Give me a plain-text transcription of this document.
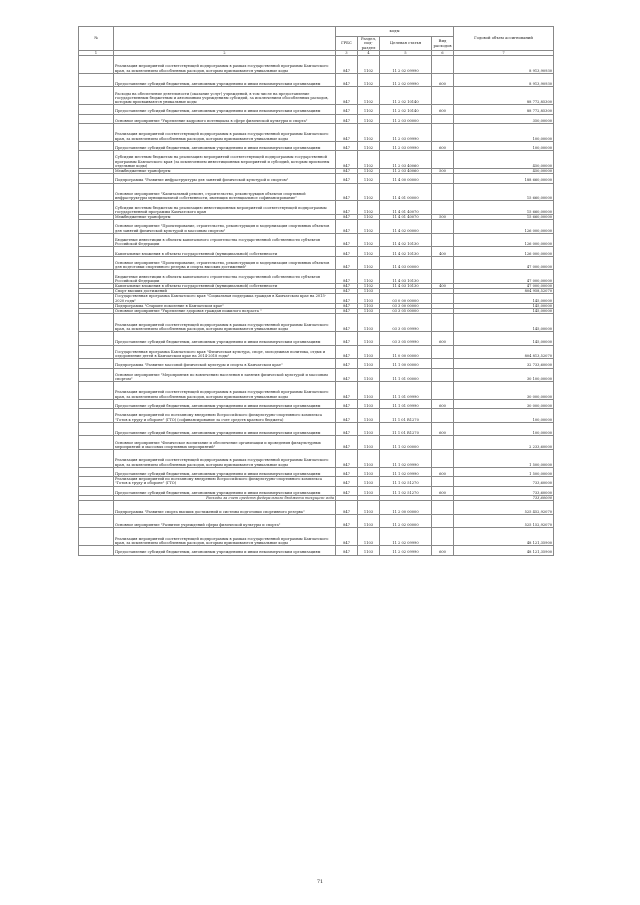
№		коды				Годовой объем ассигнований
		ГРБС	Раздел, под-раздел	Целевая статья	Вид расходов	
1	2	3	4	5	6	7
	Реализация мероприятий соответствующей подпрограммы в рамках государственной программы Камчатского края, за исключением обособленных расходов, которым присваиваются уникальные коды	847	1102	11 2 02 09990		8 913,90930
	Предоставление субсидий бюджетным, автономным учреждениям и иным некоммерческим организациям	847	1102	11 2 02 09990	600	8 913,90930
	Расходы на обеспечение деятельности (оказание услуг) учреждений, в том числе на предоставление государственным бюджетным и автономным учреждениям субсидий, за исключением обособленных расходов, которым присваиваются уникальные коды	847	1102	11 2 02 10140		88 772,85300
	Предоставление субсидий бюджетным, автономным учреждениям и иным некоммерческим организациям	847	1102	11 2 02 10140	600	88 772,85300
	Основное мероприятие "Укрепление кадрового потенциала в сфере физической культуры и спорта"	847	1102	11 2 03 00000		350,00000
	Реализация мероприятий соответствующей подпрограммы в рамках государственной программы Камчатского края, за исключением обособленных расходов, которым присваиваются уникальные коды	847	1102	11 2 03 09990		100,00000
	Предоставление субсидий бюджетным, автономным учреждениям и иным некоммерческим организациям	847	1102	11 2 03 09990	600	100,00000
	Субсидии местным бюджетам на реализацию мероприятий соответствующей подпрограммы государственной программы Камчатского края (за исключением инвестиционных мероприятий и субсидий, которым присвоены отдельные коды)	847	1102	11 2 03 40060		450,00000
	Межбюджетные трансферты	847	1102	11 2 03 40060	500	450,00000
	Подпрограмма "Развитие инфраструктуры для занятий физической культурой и спортом"	847	1102	11 4 00 00000		188 660,00000
	Основное мероприятие "Капитальный ремонт, строительство, реконструкция объектов спортивной инфраструктуры муниципальной собственности, имеющих потенциальное софинансирование"	847	1102	11 4 01 00000		15 660,00000
	Субсидии местным бюджетам на реализацию инвестиционных мероприятий соответствующей подпрограммы государственной программы Камчатского края	847	1102	11 4 01 40070		15 660,00000
	Межбюджетные трансферты	847	1102	11 4 01 40070	500	15 660,00000
	Основное мероприятие "Проектирование, строительство, реконструкция и модернизация спортивных объектов для занятий физической культурой и массовым спортом"	847	1102	11 4 02 00000		126 000,00000
	Бюджетные инвестиции в объекты капитального строительства государственной собственности субъектов Российской Федерации	847	1102	11 4 02 10130		126 000,00000
	Капитальные вложения в объекты государственной (муниципальной) собственности	847	1102	11 4 02 10130	400	126 000,00000
	Основное мероприятие "Проектирование, строительство, реконструкция и модернизация спортивных объектов для подготовки спортивного резерва и спорта высоких достижений"	847	1102	11 4 03 00000		47 000,00000
	Бюджетные инвестиции в объекты капитального строительства государственной собственности субъектов Российской Федерации	847	1102	11 4 03 10130		47 000,00000
	Капитальные вложения в объекты государственной (муниципальной) собственности	847	1102	11 4 03 10130	400	47 000,00000
	Спорт высших достижений	847	1103			804 958,52070
	Государственная программа Камчатского края "Социальная поддержка граждан в Камчатском крае на 2015-2020 годы"	847	1103	03 0 00 00000		145,00000
	Подпрограмма "Старшее поколение в Камчатском крае"	847	1103	03 3 00 00000		145,00000
	Основное мероприятие "Укрепление здоровья граждан пожилого возраста "	847	1103	03 3 05 00000		145,00000
	Реализация мероприятий соответствующей подпрограммы в рамках государственной программы Камчатского края, за исключением обособленных расходов, которым присваиваются уникальные коды	847	1103	03 3 05 09990		145,00000
	Предоставление субсидий бюджетным, автономным учреждениям и иным некоммерческим организациям	847	1103	03 3 05 09990	600	145,00000
	Государственная программа Камчатского края "Физическая культура, спорт, молодежная политика, отдых и оздоровление детей в Камчатском крае на 2014-2018 годы"	847	1103	11 0 00 00000		804 813,52070
	Подпрограмма "Развитие массовой физической культуры и спорта в Камчатском крае"	847	1103	11 1 00 00000		32 733,60000
	Основное мероприятие "Мероприятия по вовлечению населения в занятия физической культурой и массовым спортом"	847	1103	11 1 01 00000		30 100,00000
	Реализация мероприятий соответствующей подпрограммы в рамках государственной программы Камчатского края, за исключением обособленных расходов, которым присваиваются уникальные коды	847	1103	11 1 01 09990		30 000,00000
	Предоставление субсидий бюджетным, автономным учреждениям и иным некоммерческим организациям	847	1103	11 1 01 09990	600	30 000,00000
	Реализация мероприятий по поэтапному внедрению Всероссийского физкультурно-спортивного комплекса "Готов к труду и обороне" (ГТО) (софинансирование за счет средств краевого бюджета)	847	1103	11 1 01 R1270		100,00000
	Предоставление субсидий бюджетным, автономным учреждениям и иным некоммерческим организациям	847	1103	11 1 01 R1270	600	100,00000
	Основное мероприятие "Физическое воспитание и обеспечение организации и проведения физкультурных мероприятий и массовых спортивных мероприятий"	847	1103	11 1 02 00000		2 233,60000
	Реализация мероприятий соответствующей подпрограммы в рамках государственной программы Камчатского края, за исключением обособленных расходов, которым присваиваются уникальные коды	847	1103	11 1 02 09990		1 500,00000
	Предоставление субсидий бюджетным, автономным учреждениям и иным некоммерческим организациям	847	1103	11 1 02 09990	600	1 500,00000
	Реализация мероприятий по поэтапному внедрению Всероссийского физкультурно-спортивного комплекса "Готов к труду и обороне" (ГТО)	847	1103	11 1 02 51270		733,60000
	Предоставление субсидий бюджетным, автономным учреждениям и иным некоммерческим организациям	847	1103	11 1 02 51270	600	733,60000
	Расходы за счет средств федерального бюджета текущего года					733,60000
	Подпрограмма "Развитие спорта высших достижений и системы подготовки спортивного резерва"	847	1103	11 2 00 00000		525 452,92070
	Основное мероприятие "Развитие учреждений сферы физической культуры и спорта"	847	1103	11 2 02 00000		525 152,92070
	Реализация мероприятий соответствующей подпрограммы в рамках государственной программы Камчатского края, за исключением обособленных расходов, которым присваиваются уникальные коды	847	1103	11 2 02 09990		48 121,35900
	Предоставление субсидий бюджетным, автономным учреждениям и иным некоммерческим организациям	847	1103	11 2 02 09990	600	48 121,35900
71
